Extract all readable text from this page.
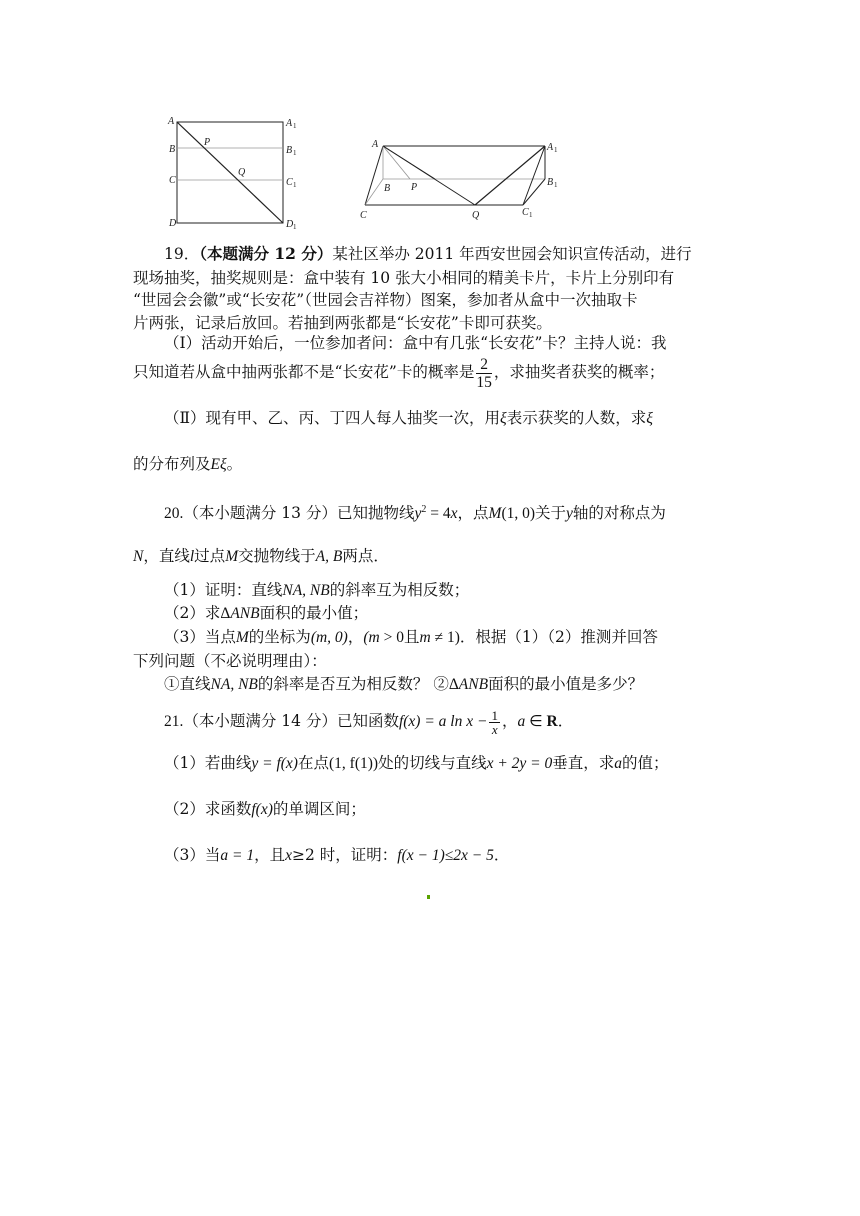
A	A 1
B	B 1
C	C 1
D	D 1
P
Q
A	A 1
B
B 1
C	C 1
P
Q
19．（本题满分 12 分）某社区举办 2011 年西安世园会知识宣传活动，进行
现场抽奖，抽奖规则是：盒中装有 10 张大小相同的精美卡片，卡片上分别印有
“世园会会徽”或“长安花”（世园会吉祥物）图案，参加者从盒中一次抽取卡
片两张，记录后放回。若抽到两张都是“长安花”卡即可获奖。
（Ⅰ）活动开始后，一位参加者问：盒中有几张“长安花”卡？主持人说：我
只知道若从盒中抽两张都不是“长安花”卡的概率是 $\frac{2}{15}$ ，求抽奖者获奖的概率；
（Ⅱ）现有甲、乙、丙、丁四人每人抽奖一次，用ξ表示获奖的人数，求ξ
的分布列及Eξ。
20.（本小题满分 13 分）已知抛物线$y^2 = 4x$，点M(1, 0)关于y轴的对称点为
N，直线l过点M交抛物线于A, B两点．
（1）证明：直线NA, NB的斜率互为相反数；
（2）求ΔANB面积的最小值；
（3）当点M的坐标为(m, 0)，(m > 0且m ≠ 1)．根据（1）（2）推测并回答
下列问题（不必说明理由）：
①直线NA, NB的斜率是否互为相反数？ ②ΔANB面积的最小值是多少？
21.（本小题满分 14 分）已知函数f(x) = a $\ln x - \frac{1}{x}$ ，a ∈ R．
（1）若曲线y = f(x)在点(1, f(1))处的切线与直线x + 2y = 0垂直，求a的值；
（2）求函数f(x)的单调区间；
（3）当a = 1，且x≥2 时，证明：f(x − 1)≤2x − 5．
